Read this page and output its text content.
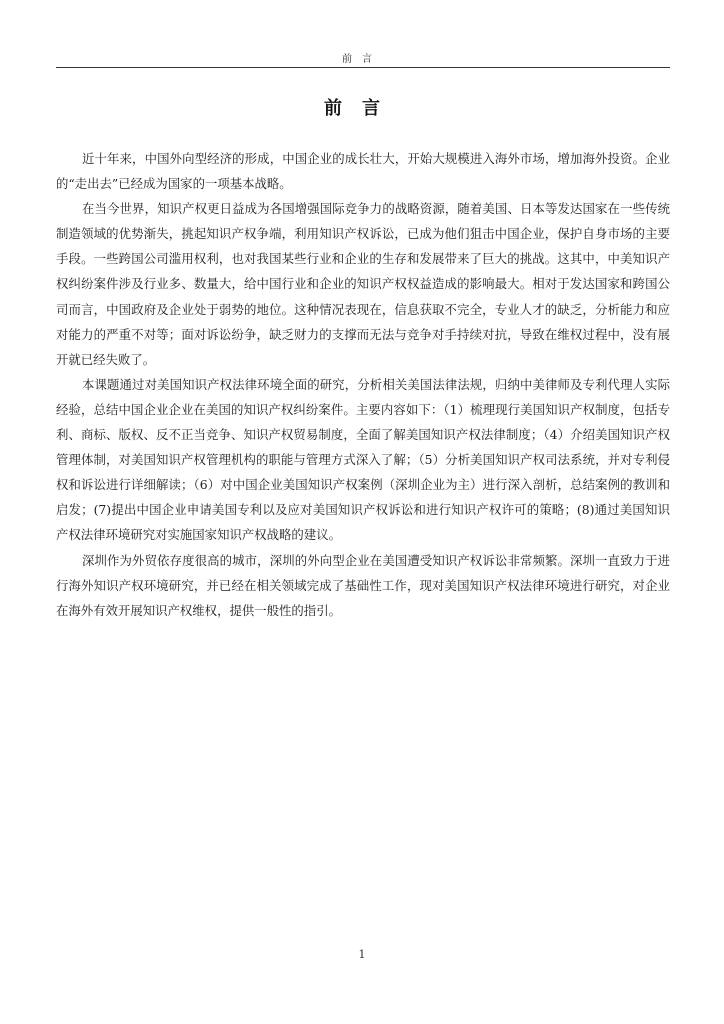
前言
前言

近十年来，中国外向型经济的形成，中国企业的成长壮大，开始大规模进入海外市场，增加海外投资。企业的“走出去”已经成为国家的一项基本战略。

在当今世界，知识产权更日益成为各国增强国际竞争力的战略资源，随着美国、日本等发达国家在一些传统制造领域的优势渐失，挑起知识产权争端，利用知识产权诉讼，已成为他们狙击中国企业，保护自身市场的主要手段。一些跨国公司滥用权利，也对我国某些行业和企业的生存和发展带来了巨大的挑战。这其中，中美知识产权纠纷案件涉及行业多、数量大，给中国行业和企业的知识产权权益造成的影响最大。相对于发达国家和跨国公司而言，中国政府及企业处于弱势的地位。这种情况表现在，信息获取不完全，专业人才的缺乏，分析能力和应对能力的严重不对等；面对诉讼纷争，缺乏财力的支撑而无法与竞争对手持续对抗，导致在维权过程中，没有展开就已经失败了。

本课题通过对美国知识产权法律环境全面的研究，分析相关美国法律法规，归纳中美律师及专利代理人实际经验，总结中国企业企业在美国的知识产权纠纷案件。主要内容如下：（1）梳理现行美国知识产权制度，包括专利、商标、版权、反不正当竞争、知识产权贸易制度，全面了解美国知识产权法律制度；（4）介绍美国知识产权管理体制，对美国知识产权管理机构的职能与管理方式深入了解；（5）分析美国知识产权司法系统，并对专利侵权和诉讼进行详细解读；（6）对中国企业美国知识产权案例（深圳企业为主）进行深入剖析，总结案例的教训和启发；(7)提出中国企业申请美国专利以及应对美国知识产权诉讼和进行知识产权许可的策略；(8)通过美国知识产权法律环境研究对实施国家知识产权战略的建议。

深圳作为外贸依存度很高的城市，深圳的外向型企业在美国遭受知识产权诉讼非常频繁。深圳一直致力于进行海外知识产权环境研究，并已经在相关领域完成了基础性工作，现对美国知识产权法律环境进行研究，对企业在海外有效开展知识产权维权，提供一般性的指引。

1
